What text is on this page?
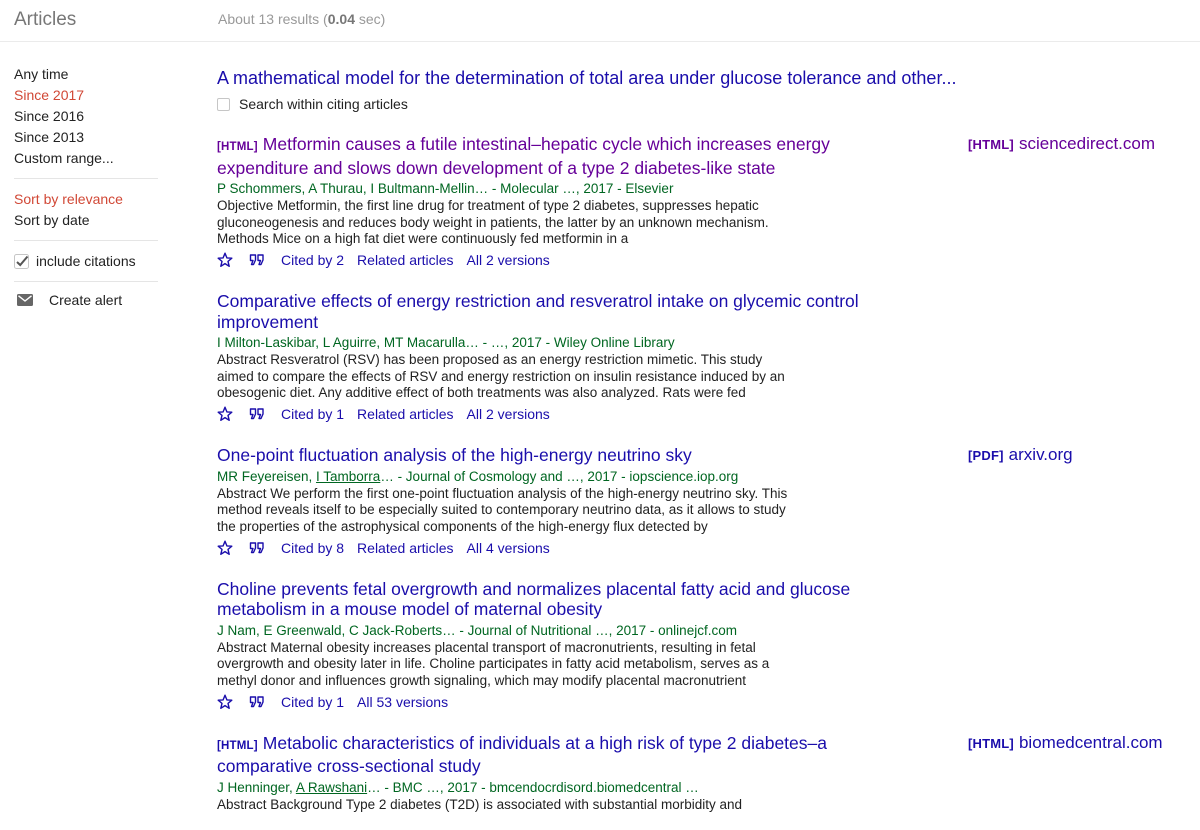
Articles	About 13 results (0.04 sec)
Any time
Since 2017
Since 2016
Since 2013
Custom range...
Sort by relevance
Sort by date
include citations
Create alert
A mathematical model for the determination of total area under glucose tolerance and other...
Search within citing articles
[HTML] Metformin causes a futile intestinal–hepatic cycle which increases energy expenditure and slows down development of a type 2 diabetes-like state
P Schommers, A Thurau, I Bultmann-Mellin… - Molecular …, 2017 - Elsevier
Objective Metformin, the first line drug for treatment of type 2 diabetes, suppresses hepatic gluconeogenesis and reduces body weight in patients, the latter by an unknown mechanism. Methods Mice on a high fat diet were continuously fed metformin in a
Cited by 2 Related articles All 2 versions
[HTML] sciencedirect.com
Comparative effects of energy restriction and resveratrol intake on glycemic control improvement
I Milton-Laskibar, L Aguirre, MT Macarulla… - …, 2017 - Wiley Online Library
Abstract Resveratrol (RSV) has been proposed as an energy restriction mimetic. This study aimed to compare the effects of RSV and energy restriction on insulin resistance induced by an obesogenic diet. Any additive effect of both treatments was also analyzed. Rats were fed
Cited by 1 Related articles All 2 versions
One-point fluctuation analysis of the high-energy neutrino sky
MR Feyereisen, I Tamborra… - Journal of Cosmology and …, 2017 - iopscience.iop.org
Abstract We perform the first one-point fluctuation analysis of the high-energy neutrino sky. This method reveals itself to be especially suited to contemporary neutrino data, as it allows to study the properties of the astrophysical components of the high-energy flux detected by
Cited by 8 Related articles All 4 versions
[PDF] arxiv.org
Choline prevents fetal overgrowth and normalizes placental fatty acid and glucose metabolism in a mouse model of maternal obesity
J Nam, E Greenwald, C Jack-Roberts… - Journal of Nutritional …, 2017 - onlinejcf.com
Abstract Maternal obesity increases placental transport of macronutrients, resulting in fetal overgrowth and obesity later in life. Choline participates in fatty acid metabolism, serves as a methyl donor and influences growth signaling, which may modify placental macronutrient
Cited by 1 All 53 versions
[HTML] Metabolic characteristics of individuals at a high risk of type 2 diabetes–a comparative cross-sectional study
J Henninger, A Rawshani… - BMC …, 2017 - bmcendocrdisord.biomedcentral …
Abstract Background Type 2 diabetes (T2D) is associated with substantial morbidity and
[HTML] biomedcentral.com
